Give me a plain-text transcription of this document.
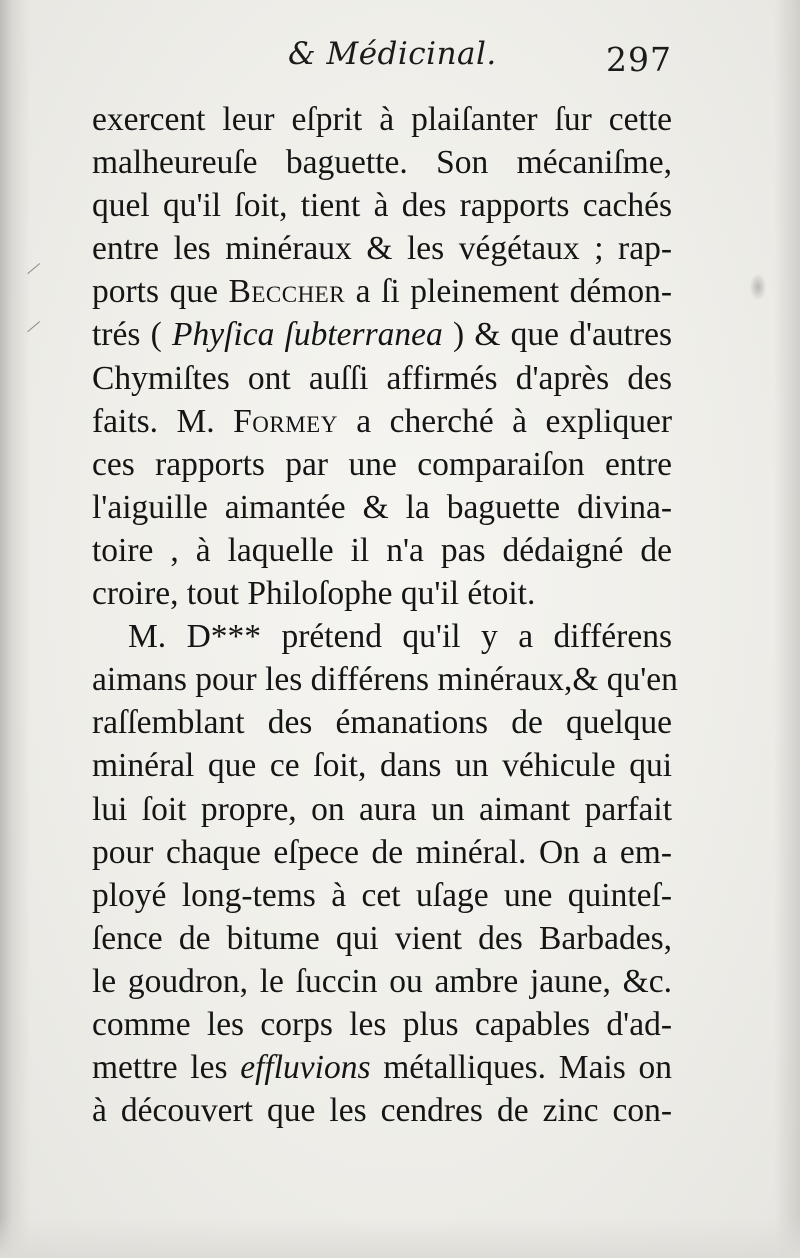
& Médicinal.	297
exercent leur eſprit à plaiſanter ſur cette
malheureuſe baguette. Son mécaniſme,
quel qu'il ſoit, tient à des rapports cachés
entre les minéraux & les végétaux ; rap-
ports que Beccher a ſi pleinement démon-
trés ( Phyſica ſubterranea ) & que d'autres
Chymiſtes ont auſſi affirmés d'après des
faits. M. Formey a cherché à expliquer
ces rapports par une comparaiſon entre
l'aiguille aimantée & la baguette divina-
toire , à laquelle il n'a pas dédaigné de
croire, tout Philoſophe qu'il étoit.
M. D*** prétend qu'il y a différens
aimans pour les différens minéraux,& qu'en
raſſemblant des émanations de quelque
minéral que ce ſoit, dans un véhicule qui
lui ſoit propre, on aura un aimant parfait
pour chaque eſpece de minéral. On a em-
ployé long-tems à cet uſage une quinteſ-
ſence de bitume qui vient des Barbades,
le goudron, le ſuccin ou ambre jaune, &c.
comme les corps les plus capables d'ad-
mettre les effluvions métalliques. Mais on
à découvert que les cendres de zinc con-
